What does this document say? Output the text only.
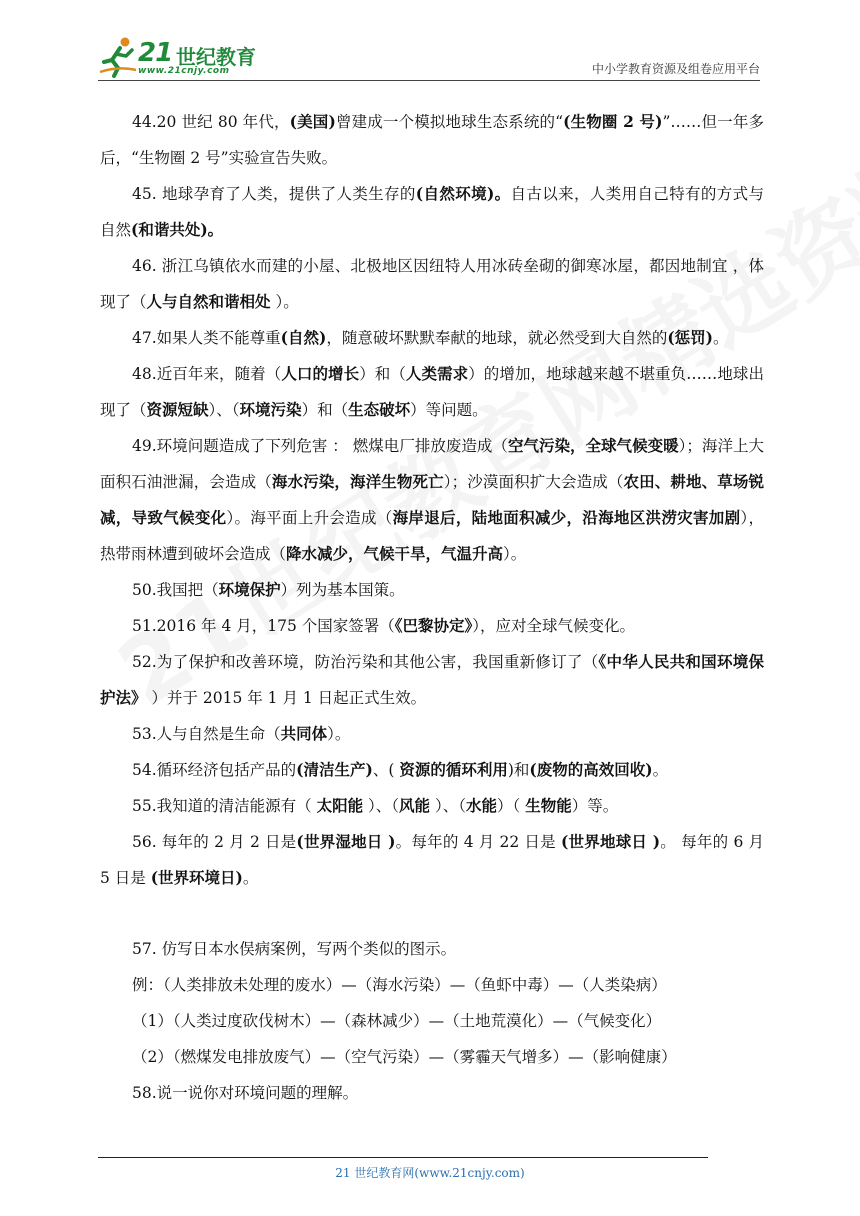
21 世纪教育
www.21cnjy.com	中小学教育资源及组卷应用平台

44.20 世纪 80 年代，(美国)曾建成一个模拟地球生态系统的“(生物圈 2 号)”……但一年多后，“生物圈 2 号”实验宣告失败。

45. 地球孕育了人类，提供了人类生存的(自然环境)。自古以来，人类用自己特有的方式与自然(和谐共处)。

46. 浙江乌镇依水而建的小屋、北极地区因纽特人用冰砖垒砌的御寒冰屋，都因地制宜 ，体现了（人与自然和谐相处 ）。

47.如果人类不能尊重(自然)，随意破坏默默奉献的地球，就必然受到大自然的(惩罚)。

48.近百年来，随着（人口的增长）和（人类需求）的增加，地球越来越不堪重负……地球出现了（资源短缺）、（环境污染）和（生态破坏）等问题。

49.环境问题造成了下列危害 ： 燃煤电厂排放废造成（空气污染，全球气候变暖）；海洋上大面积石油泄漏，会造成（海水污染，海洋生物死亡）；沙漠面积扩大会造成（农田、耕地、草场锐减，导致气候变化）。海平面上升会造成（海岸退后，陆地面积减少，沿海地区洪涝灾害加剧），热带雨林遭到破坏会造成（降水减少，气候干旱，气温升高）。

50.我国把（环境保护）列为基本国策。

51.2016 年 4 月，175 个国家签署（《巴黎协定》），应对全球气候变化。

52.为了保护和改善环境，防治污染和其他公害，我国重新修订了（《中华人民共和国环境保护法》 ）并于 2015 年 1 月 1 日起正式生效。

53.人与自然是生命（共同体）。

54.循环经济包括产品的(清洁生产)、( 资源的循环利用)和(废物的高效回收)。

55.我知道的清洁能源有（ 太阳能 ）、（风能 ）、（水能）（ 生物能）等。

56. 每年的 2 月 2 日是(世界湿地日 )。每年的 4 月 22 日是 (世界地球日 )。 每年的 6 月 5 日是 (世界环境日)。

57. 仿写日本水俣病案例，写两个类似的图示。

例：（人类排放未处理的废水）—（海水污染）—（鱼虾中毒）—（人类染病）

（1）（人类过度砍伐树木）—（森林减少）—（土地荒漠化）—（气候变化）

（2）（燃煤发电排放废气）—（空气污染）—（雾霾天气增多）—（影响健康）

58.说一说你对环境问题的理解。

21 世纪教育网(www.21cnjy.com)
